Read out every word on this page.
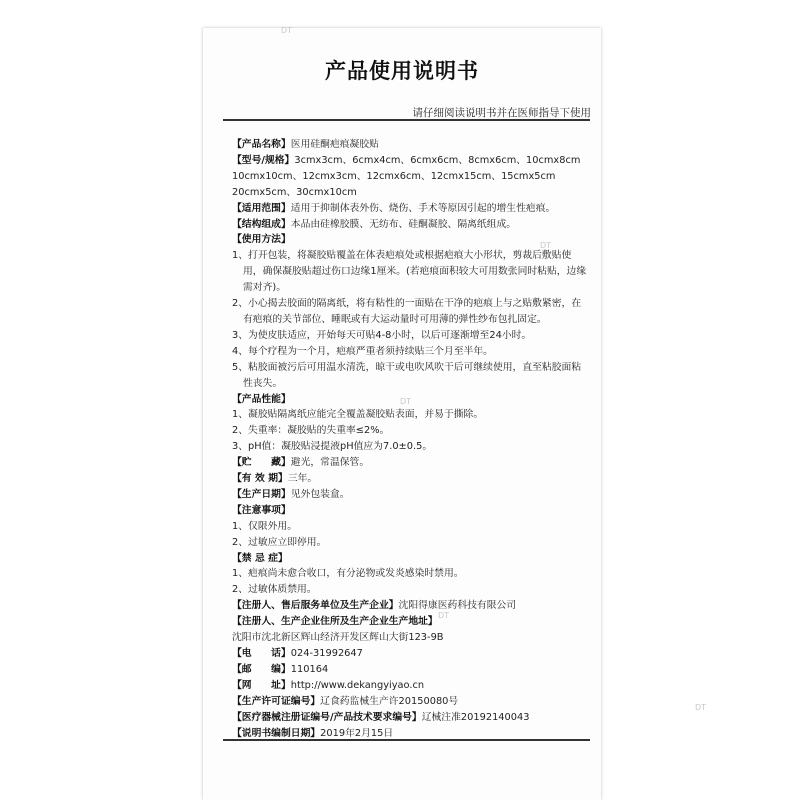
DT
DT
DT
DT
DT
产品使用说明书
请仔细阅读说明书并在医师指导下使用

【产品名称】医用硅酮疤痕凝胶贴

【型号/规格】3cmx3cm、6cmx4cm、6cmx6cm、8cmx6cm、10cmx8cm

10cmx10cm、12cmx3cm、12cmx6cm、12cmx15cm、15cmx5cm

20cmx5cm、30cmx10cm

【适用范围】适用于抑制体表外伤、烧伤、手术等原因引起的增生性疤痕。

【结构组成】本品由硅橡胶膜、无纺布、硅酮凝胶、隔离纸组成。

【使用方法】

1、打开包装，将凝胶贴覆盖在体表疤痕处或根据疤痕大小形状，剪裁后敷贴使用，确保凝胶贴超过伤口边缘1厘米。(若疤痕面积较大可用数张同时粘贴，边缘需对齐)。

2、小心揭去胶面的隔离纸，将有粘性的一面贴在干净的疤痕上与之贴敷紧密，在有疤痕的关节部位、睡眠或有大运动量时可用薄的弹性纱布包扎固定。

3、为使皮肤适应，开始每天可贴4-8小时，以后可逐渐增至24小时。

4、每个疗程为一个月，疤痕严重者须持续贴三个月至半年。

5、粘胶面被污后可用温水清洗，晾干或电吹风吹干后可继续使用，直至粘胶面粘性丧失。

【产品性能】

1、凝胶贴隔离纸应能完全覆盖凝胶贴表面，并易于撕除。

2、失重率：凝胶贴的失重率≤2%。

3、pH值：凝胶贴浸提液pH值应为7.0±0.5。

【贮　　藏】避光，常温保管。

【有 效 期】三年。

【生产日期】见外包装盒。

【注意事项】

1、仅限外用。

2、过敏应立即停用。

【禁 忌 症】

1、疤痕尚未愈合收口，有分泌物或发炎感染时禁用。

2、过敏体质禁用。

【注册人、售后服务单位及生产企业】沈阳得康医药科技有限公司

【注册人、生产企业住所及生产企业生产地址】

沈阳市沈北新区辉山经济开发区辉山大街123-9B

【电　　话】024-31992647

【邮　　编】110164

【网　　址】http://www.dekangyiyao.cn

【生产许可证编号】辽食药监械生产许20150080号

【医疗器械注册证编号/产品技术要求编号】辽械注准20192140043

【说明书编制日期】2019年2月15日
